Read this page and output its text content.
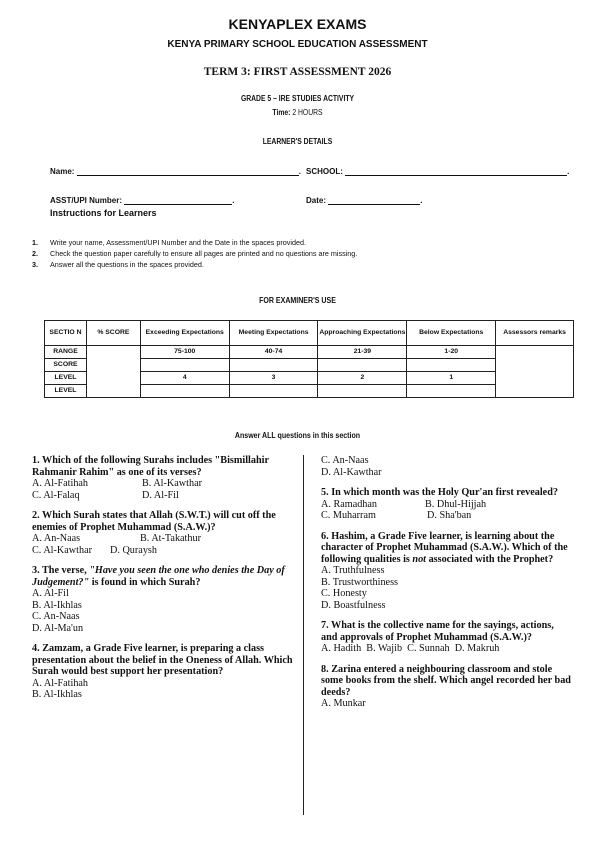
KENYAPLEX EXAMS
KENYA PRIMARY SCHOOL EDUCATION ASSESSMENT
TERM 3: FIRST ASSESSMENT 2026
GRADE 5 – IRE STUDIES ACTIVITY
Time: 2 HOURS
LEARNER'S DETAILS
Name:	. SCHOOL:	.
ASST/UPI Number:	.	Date:	.
Instructions for Learners
1. Write your name, Assessment/UPI Number and the Date in the spaces provided.
2. Check the question paper carefully to ensure all pages are printed and no questions are missing.
3. Answer all the questions in the spaces provided.
FOR EXAMINER'S USE
SECTIO N	% SCORE	Exceeding Expectations	Meeting Expectations	Approaching Expectations	Below Expectations	Assessors remarks
RANGE		75-100	40-74	21-39	1-20	
SCORE						
LEVEL		4	3	2	1	
LEVEL						
Answer ALL questions in this section
1. Which of the following Surahs includes "Bismillahir Rahmanir Rahim" as one of its verses?
A. Al-Fatihah	B. Al-Kawthar
C. Al-Falaq	D. Al-Fil
2. Which Surah states that Allah (S.W.T.) will cut off the enemies of Prophet Muhammad (S.A.W.)?
A. An-Naas	B. At-Takathur
C. Al-Kawthar	D. Quraysh
3. The verse, "Have you seen the one who denies the Day of Judgement?" is found in which Surah?
A. Al-Fil
B. Al-Ikhlas
C. An-Naas
D. Al-Ma'un
4. Zamzam, a Grade Five learner, is preparing a class presentation about the belief in the Oneness of Allah. Which Surah would best support her presentation?
A. Al-Fatihah
B. Al-Ikhlas
C. An-Naas
D. Al-Kawthar
5. In which month was the Holy Qur'an first revealed?
A. Ramadhan	B. Dhul-Hijjah
C. Muharram	D. Sha'ban
6. Hashim, a Grade Five learner, is learning about the character of Prophet Muhammad (S.A.W.). Which of the following qualities is not associated with the Prophet?
A. Truthfulness
B. Trustworthiness
C. Honesty
D. Boastfulness
7. What is the collective name for the sayings, actions, and approvals of Prophet Muhammad (S.A.W.)?
A. Hadith  B. Wajib  C. Sunnah  D. Makruh
8. Zarina entered a neighbouring classroom and stole some books from the shelf. Which angel recorded her bad deeds?
A. Munkar
